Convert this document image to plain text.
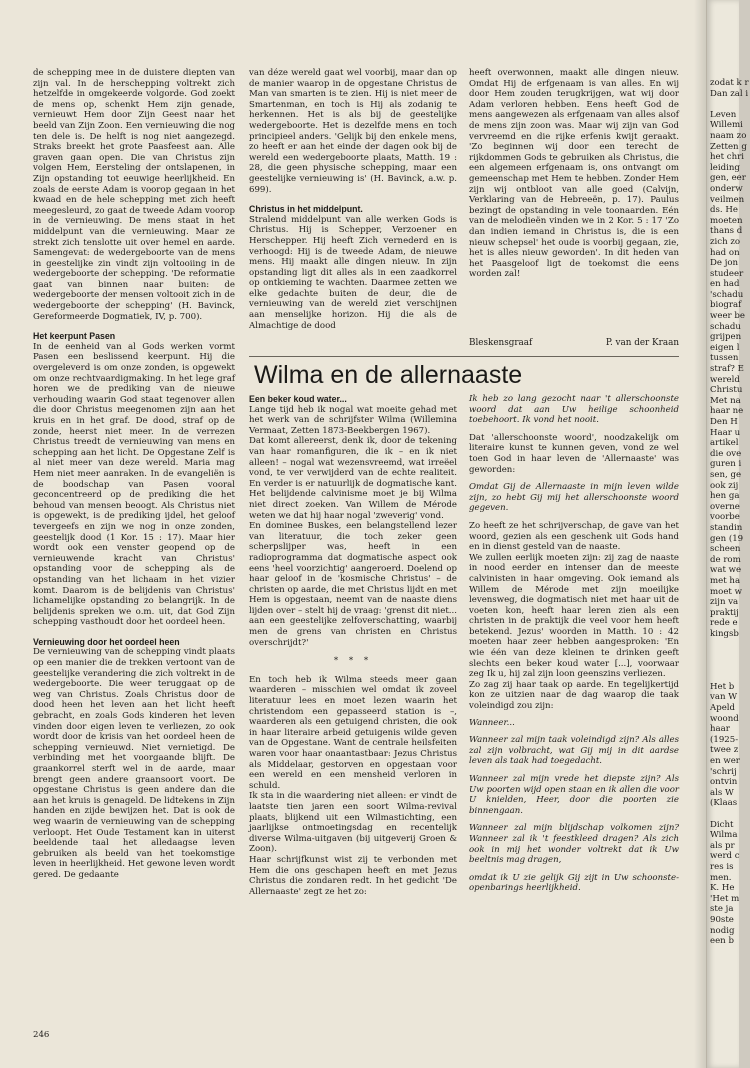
de schepping mee in de duistere diepten van zijn val. In de herschepping voltrekt zich hetzelfde in omgekeerde volgorde. God zoekt de mens op, schenkt Hem zijn genade, vernieuwt Hem door Zijn Geest naar het beeld van Zijn Zoon. Een vernieuwing die nog ten dele is. De helft is nog niet aangezegd. Straks breekt het grote Paasfeest aan. Alle graven gaan open. Die van Christus zijn volgen Hem, Eersteling der ontslapenen, in Zijn opstanding tot eeuwige heerlijkheid. En zoals de eerste Adam is voorop gegaan in het kwaad en de hele schepping met zich heeft meegesleurd, zo gaat de tweede Adam voorop in de vernieuwing. De mens staat in het middelpunt van die vernieuwing. Maar ze strekt zich tenslotte uit over hemel en aarde. Samengevat: de wedergeboorte van de mens in geestelijke zin vindt zijn voltooiing in de wedergeboorte der schepping. 'De reformatie gaat van binnen naar buiten: de wedergeboorte der mensen voltooit zich in de wedergeboorte der schepping' (H. Bavinck, Gereformeerde Dogmatiek, IV, p. 700).

Het keerpunt Pasen

In de eenheid van al Gods werken vormt Pasen een beslissend keerpunt. Hij die overgeleverd is om onze zonden, is opgewekt om onze rechtvaardigmaking. In het lege graf horen we de prediking van de nieuwe verhouding waarin God staat tegenover allen die door Christus meegenomen zijn aan het kruis en in het graf. De dood, straf op de zonde, heerst niet meer. In de verrezen Christus treedt de vernieuwing van mens en schepping aan het licht. De Opgestane Zelf is al niet meer van deze wereld. Maria mag Hem niet meer aanraken. In de evangeliën is de boodschap van Pasen vooral geconcentreerd op de prediking die het behoud van mensen beoogt. Als Christus niet is opgewekt, is de prediking ijdel, het geloof tevergeefs en zijn we nog in onze zonden, geestelijk dood (1 Kor. 15 : 17). Maar hier wordt ook een venster geopend op de vernieuwende kracht van Christus' opstanding voor de schepping als de opstanding van het lichaam in het vizier komt. Daarom is de belijdenis van Christus' lichamelijke opstanding zo belangrijk. In de belijdenis spreken we o.m. uit, dat God Zijn schepping vasthoudt door het oordeel heen.

Vernieuwing door het oordeel heen

De vernieuwing van de schepping vindt plaats op een manier die de trekken vertoont van de geestelijke verandering die zich voltrekt in de wedergeboorte. Die weer teruggaat op de weg van Christus. Zoals Christus door de dood heen het leven aan het licht heeft gebracht, en zoals Gods kinderen het leven vinden door eigen leven te verliezen, zo ook wordt door de krisis van het oordeel heen de schepping vernieuwd. Niet vernietigd. De verbinding met het voorgaande blijft. De graankorrel sterft wel in de aarde, maar brengt geen andere graansoort voort. De opgestane Christus is geen andere dan die aan het kruis is genageld. De lidtekens in Zijn handen en zijde bewijzen het. Dat is ook de weg waarin de vernieuwing van de schepping verloopt. Het Oude Testament kan in uiterst beeldende taal het alledaagse leven gebruiken als beeld van het toekomstige leven in heerlijkheid. Het gewone leven wordt gered. De gedaante

van déze wereld gaat wel voorbij, maar dan op de manier waarop in de opgestane Christus de Man van smarten is te zien. Hij is niet meer de Smartenman, en toch is Hij als zodanig te herkennen. Het is als bij de geestelijke wedergeboorte. Het is dezelfde mens en toch principieel anders. 'Gelijk bij den enkele mens, zo heeft er aan het einde der dagen ook bij de wereld een wedergeboorte plaats, Matth. 19 : 28, die geen physische schepping, maar een geestelijke vernieuwing is' (H. Bavinck, a.w. p. 699).

Christus in het middelpunt.

Stralend middelpunt van alle werken Gods is Christus. Hij is Schepper, Verzoener en Herschepper. Hij heeft Zich vernederd en is verhoogd: Hij is de tweede Adam, de nieuwe mens. Hij maakt alle dingen nieuw. In zijn opstanding ligt dit alles als in een zaadkorrel op ontkieming te wachten. Daarmee zetten we elke gedachte buiten de deur, die de vernieuwing van de wereld ziet verschijnen aan menselijke horizon. Hij die als de Almachtige de dood

heeft overwonnen, maakt alle dingen nieuw. Omdat Hij de erfgenaam is van alles. En wij door Hem zouden terugkrijgen, wat wij door Adam verloren hebben. Eens heeft God de mens aangewezen als erfgenaam van alles alsof de mens zijn zoon was. Maar wij zijn van God vervreemd en die rijke erfenis kwijt geraakt. 'Zo beginnen wij door een terecht de rijkdommen Gods te gebruiken als Christus, die een algemeen erfgenaam is, ons ontvangt om gemeenschap met Hem te hebben. Zonder Hem zijn wij ontbloot van alle goed (Calvijn, Verklaring van de Hebreeën, p. 17). Paulus bezingt de opstanding in vele toonaarden. Eén van de melodieën vinden we in 2 Kor. 5 : 17 'Zo dan indien iemand in Christus is, die is een nieuw schepsel' het oude is voorbij gegaan, zie, het is alles nieuw geworden'. In dit heden van het Paasgeloof ligt de toekomst die eens worden zal!

Bleskensgraaf	P. van der Kraan
Wilma en de allernaaste
Een beker koud water...

Lange tijd heb ik nogal wat moeite gehad met het werk van de schrijfster Wilma (Willemina Vermaat, Zetten 1873-Beekbergen 1967).

Dat komt allereerst, denk ik, door de tekening van haar romanfiguren, die ik – en ik niet alleen! – nogal wat wezensvreemd, wat irreëel vond, te ver verwijderd van de echte realiteit. En verder is er natuurlijk de dogmatische kant. Het belijdende calvinisme moet je bij Wilma niet direct zoeken. Van Willem de Mérode weten we dat hij haar nogal 'zweverig' vond.

En dominee Buskes, een belangstellend lezer van literatuur, die toch zeker geen scherpslijper was, heeft in een radioprogramma dat dogmatische aspect ook eens 'heel voorzichtig' aangeroerd. Doelend op haar geloof in de 'kosmische Christus' – de christen op aarde, die met Christus lijdt en met Hem is opgestaan, neemt van de naaste diens lijden over – stelt hij de vraag: 'grenst dit niet... aan een geestelijke zelfoverschatting, waarbij men de grens van christen en Christus overschrijdt?'

* * *

En toch heb ik Wilma steeds meer gaan waarderen – misschien wel omdat ik zoveel literatuur lees en moet lezen waarin het christendom een gepasseerd station is –, waarderen als een getuigend christen, die ook in haar literaire arbeid getuigenis wilde geven van de Opgestane. Want de centrale heilsfeiten waren voor haar onaantastbaar: Jezus Christus als Middelaar, gestorven en opgestaan voor een wereld en een mensheid verloren in schuld.

Ik sta in die waardering niet alleen: er vindt de laatste tien jaren een soort Wilma-revival plaats, blijkend uit een Wilmastichting, een jaarlijkse ontmoetingsdag en recentelijk diverse Wilma-uitgaven (bij uitgeverij Groen & Zoon).

Haar schrijfkunst wist zij te verbonden met Hem die ons geschapen heeft en met Jezus Christus die zondaren redt. In het gedicht 'De Allernaaste' zegt ze het zo:

Ik heb zo lang gezocht naar 't allerschoonste woord dat aan Uw heilige schoonheid toebehoort. Ik vond het nooit.

Dat 'allerschoonste woord', noodzakelijk om literaire kunst te kunnen geven, vond ze wel toen God in haar leven de 'Allernaaste' was geworden:

Omdat Gij de Allernaaste in mijn leven wilde zijn, zo hebt Gij mij het allerschoonste woord gegeven.

Zo heeft ze het schrijverschap, de gave van het woord, gezien als een geschenk uit Gods hand en in dienst gesteld van de naaste.

We zullen eerlijk moeten zijn: zij zag de naaste in nood eerder en intenser dan de meeste calvinisten in haar omgeving. Ook iemand als Willem de Mérode met zijn moeilijke levensweg, die dogmatisch niet met haar uit de voeten kon, heeft haar leren zien als een christen in de praktijk die veel voor hem heeft betekend. Jezus' woorden in Matth. 10 : 42 moeten haar zeer hebben aangesproken: 'En wie één van deze kleinen te drinken geeft slechts een beker koud water [...], voorwaar zeg Ik u, hij zal zijn loon geenszins verliezen.

Zo zag zij haar taak op aarde. En tegelijkertijd kon ze uitzien naar de dag waarop die taak voleindigd zou zijn:

Wanneer...

Wanneer zal mijn taak voleindigd zijn? Als alles zal zijn volbracht, wat Gij mij in dit aardse leven als taak had toegedacht.

Wanneer zal mijn vrede het diepste zijn? Als Uw poorten wijd open staan en ik allen die voor U knielden, Heer, door die poorten zie binnengaan.

Wanneer zal mijn blijdschap volkomen zijn? Wanneer zal ik 't feestkleed dragen? Als zich ook in mij het wonder voltrekt dat ik Uw beeltnis mag dragen,

omdat ik U zie gelijk Gij zijt in Uw schoonste-openbarings heerlijkheid.

246
zodat k r
Dan zal i

Leven
Willemi
naam zo
Zetten g
het chri
leiding
gen, eer
onderw
veilmen
ds. He
moeten
thans d
zich zo
had on
De jon
studeer
en had
'schadu
biograf
weer be
schadu
grijpen
eigen l
tussen
straf? E
wereld
Christu
Met na
haar ne
Den H
Haar u
artikel
die ove
guren i
sen, ge
ook zij
hen ga
overne
voorbe
standin
gen (19
scheen
de rom
wat we
met ha
moet w
zijn va
praktij
rede e
kingsb

Het b
van W
Apeld
woond
haar
(1925-
twee z
en wer
'schrij
ontvin
als W
(Klaas

Dicht
Wilma
als pr
werd c
res is
men.
K. He
'Het m
ste ja
90ste
nodig
een b
